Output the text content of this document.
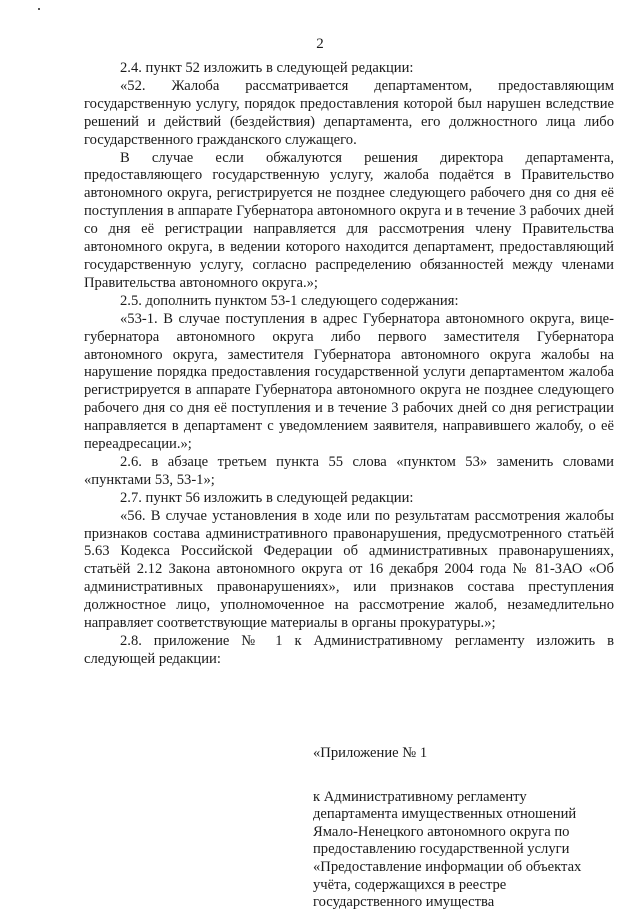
2

2.4. пункт 52 изложить в следующей редакции:

«52. Жалоба рассматривается департаментом, предоставляющим государственную услугу, порядок предоставления которой был нарушен вследствие решений и действий (бездействия) департамента, его должностного лица либо государственного гражданского служащего.

В случае если обжалуются решения директора департамента, предоставляющего государственную услугу, жалоба подаётся в Правительство автономного округа, регистрируется не позднее следующего рабочего дня со дня её поступления в аппарате Губернатора автономного округа и в течение 3 рабочих дней со дня её регистрации направляется для рассмотрения члену Правительства автономного округа, в ведении которого находится департамент, предоставляющий государственную услугу, согласно распределению обязанностей между членами Правительства автономного округа.»;

2.5. дополнить пунктом 53-1 следующего содержания:

«53-1. В случае поступления в адрес Губернатора автономного округа, вице-губернатора автономного округа либо первого заместителя Губернатора автономного округа, заместителя Губернатора автономного округа жалобы на нарушение порядка предоставления государственной услуги департаментом жалоба регистрируется в аппарате Губернатора автономного округа не позднее следующего рабочего дня со дня её поступления и в течение 3 рабочих дней со дня регистрации направляется в департамент с уведомлением заявителя, направившего жалобу, о её переадресации.»;

2.6. в абзаце третьем пункта 55 слова «пунктом 53» заменить словами «пунктами 53, 53-1»;

2.7. пункт 56 изложить в следующей редакции:

«56. В случае установления в ходе или по результатам рассмотрения жалобы признаков состава административного правонарушения, предусмотренного статьёй 5.63 Кодекса Российской Федерации об административных правонарушениях, статьёй 2.12 Закона автономного округа от 16 декабря 2004 года № 81-ЗАО «Об административных правонарушениях», или признаков состава преступления должностное лицо, уполномоченное на рассмотрение жалоб, незамедлительно направляет соответствующие материалы в органы прокуратуры.»;

2.8. приложение № 1 к Административному регламенту изложить в следующей редакции:

«Приложение № 1

к Административному регламенту

департамента имущественных отношений

Ямало-Ненецкого автономного округа по

предоставлению государственной услуги

«Предоставление информации об объектах

учёта, содержащихся в реестре

государственного имущества
